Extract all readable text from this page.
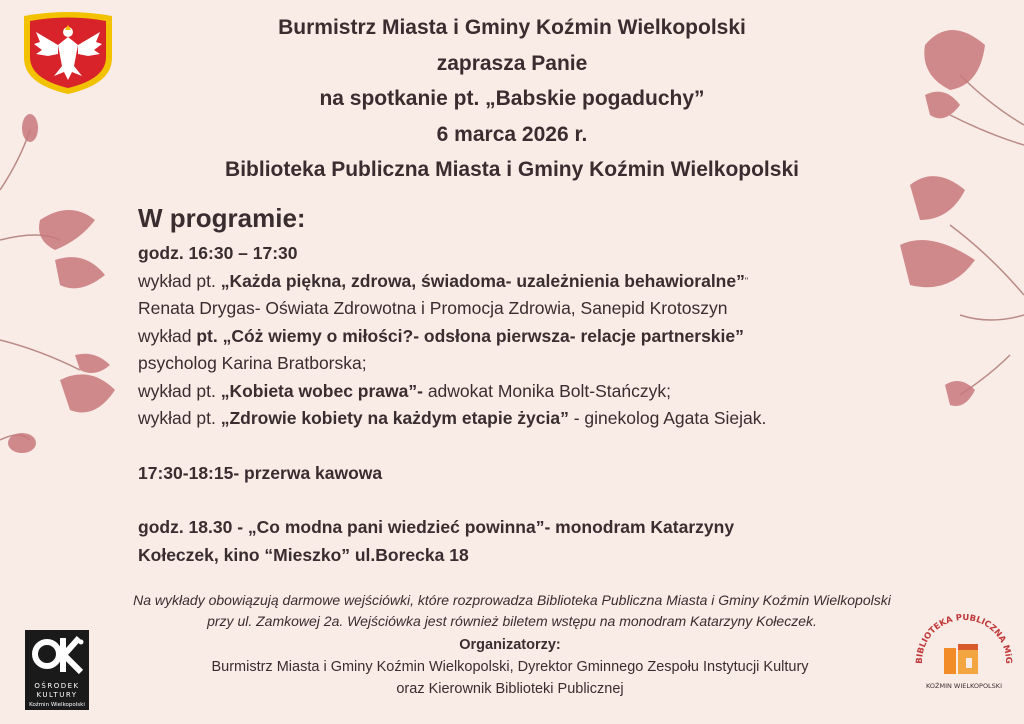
Burmistrz Miasta i Gminy Koźmin Wielkopolski
zaprasza Panie
na spotkanie pt. „Babskie pogaduchy”
6 marca 2026 r.
Biblioteka Publiczna Miasta i Gminy Koźmin Wielkopolski
W programie:
godz. 16:30 – 17:30
wykład pt. „Każda piękna, zdrowa, świadoma- uzależnienia behawioralne”"
Renata Drygas- Oświata Zdrowotna i Promocja Zdrowia, Sanepid Krotoszyn
wykład pt. „Cóż wiemy o miłości?- odsłona pierwsza- relacje partnerskie”
psycholog Karina Bratborska;
wykład pt. „Kobieta wobec prawa”- adwokat Monika Bolt-Stańczyk;
wykład pt. „Zdrowie kobiety na każdym etapie życia” - ginekolog Agata Siejak.
17:30-18:15- przerwa kawowa
godz. 18.30 - „Co modna pani wiedzieć powinna”- monodram Katarzyny
Kołeczek, kino “Mieszko” ul.Borecka 18
Na wykłady obowiązują darmowe wejściówki, które rozprowadza Biblioteka Publiczna Miasta i Gminy Koźmin Wielkopolski
przy ul. Zamkowej 2a. Wejściówka jest również biletem wstępu na monodram Katarzyny Kołeczek.
Organizatorzy:
Burmistrz Miasta i Gminy Koźmin Wielkopolski, Dyrektor Gminnego Zespołu Instytucji Kultury
oraz Kierownik Biblioteki Publicznej
OŚRODEK
KULTURY
Koźmin Wielkopolski
BIBLIOTEKA PUBLICZNA MiG
KOŹMIN WIELKOPOLSKI
